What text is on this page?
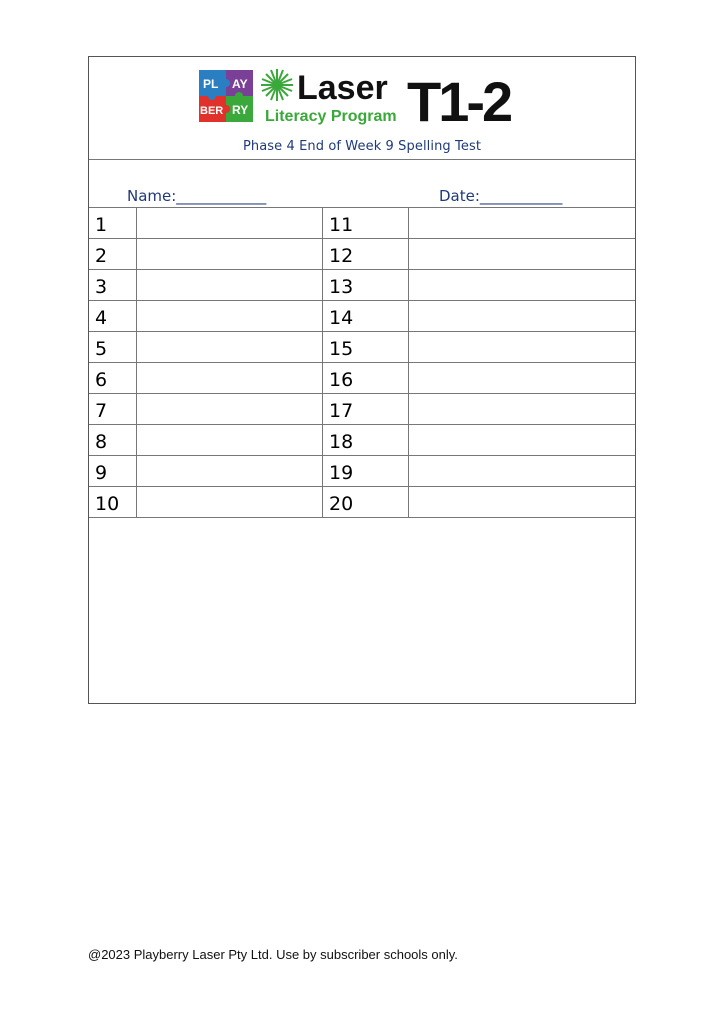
PL AY
BER RY
Laser
Literacy Program T1-2
Phase 4 End of Week 9 Spelling Test
Name:____________	Date:___________
1	11
2	12
3	13
4	14
5	15
6	16
7	17
8	18
9	19
10	20
@2023 Playberry Laser Pty Ltd. Use by subscriber schools only.
